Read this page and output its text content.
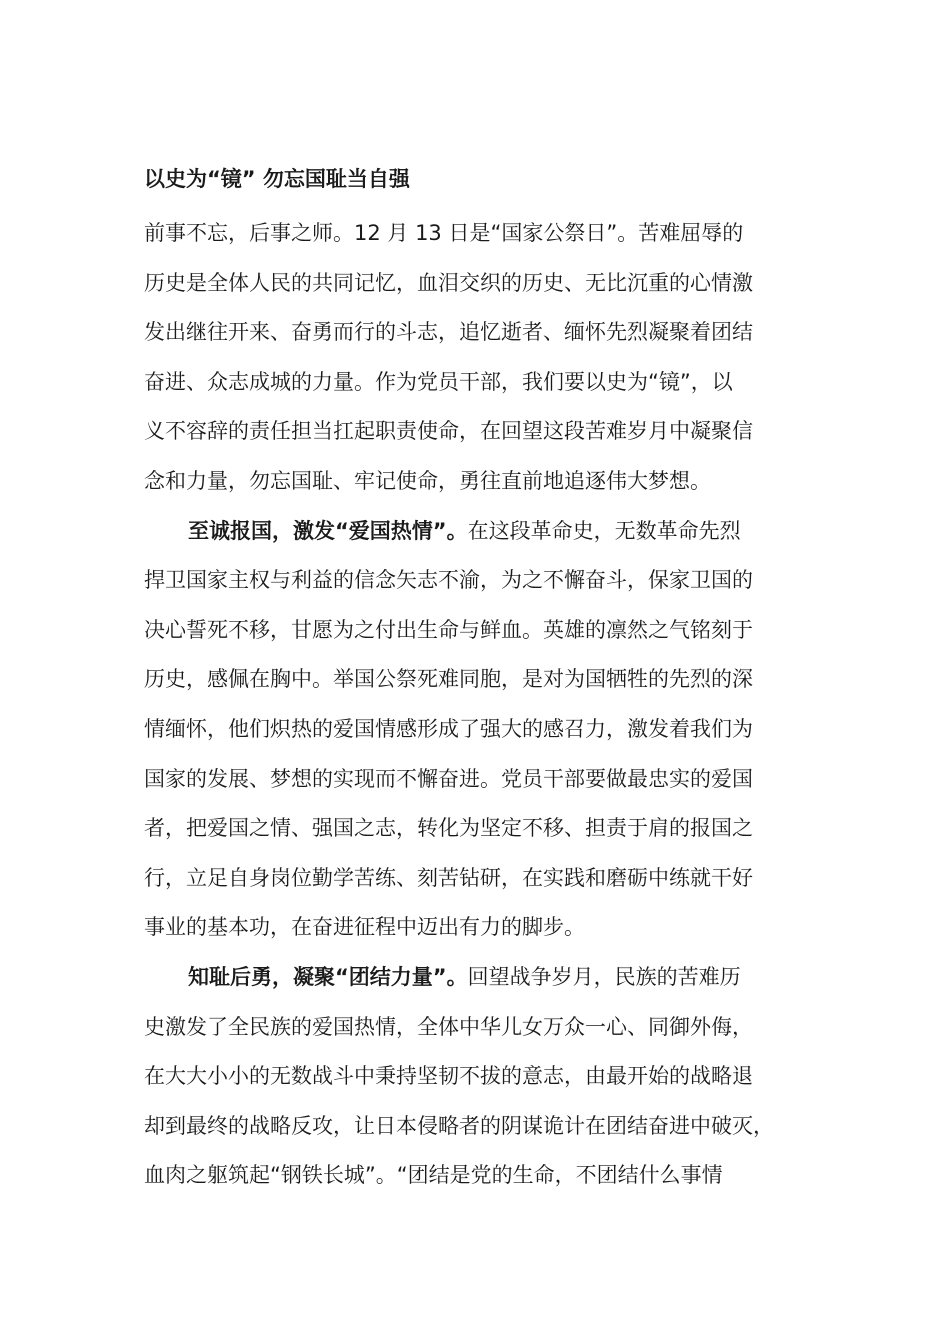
以史为“镜” 勿忘国耻当自强
前事不忘，后事之师。12 月 13 日是“国家公祭日”。苦难屈辱的
历史是全体人民的共同记忆，血泪交织的历史、无比沉重的心情激
发出继往开来、奋勇而行的斗志，追忆逝者、缅怀先烈凝聚着团结
奋进、众志成城的力量。作为党员干部，我们要以史为“镜”，以
义不容辞的责任担当扛起职责使命，在回望这段苦难岁月中凝聚信
念和力量，勿忘国耻、牢记使命，勇往直前地追逐伟大梦想。
至诚报国，激发“爱国热情”。在这段革命史，无数革命先烈
捍卫国家主权与利益的信念矢志不渝，为之不懈奋斗，保家卫国的
决心誓死不移，甘愿为之付出生命与鲜血。英雄的凛然之气铭刻于
历史，感佩在胸中。举国公祭死难同胞，是对为国牺牲的先烈的深
情缅怀，他们炽热的爱国情感形成了强大的感召力，激发着我们为
国家的发展、梦想的实现而不懈奋进。党员干部要做最忠实的爱国
者，把爱国之情、强国之志，转化为坚定不移、担责于肩的报国之
行，立足自身岗位勤学苦练、刻苦钻研，在实践和磨砺中练就干好
事业的基本功，在奋进征程中迈出有力的脚步。
知耻后勇，凝聚“团结力量”。回望战争岁月，民族的苦难历
史激发了全民族的爱国热情，全体中华儿女万众一心、同御外侮，
在大大小小的无数战斗中秉持坚韧不拔的意志，由最开始的战略退
却到最终的战略反攻，让日本侵略者的阴谋诡计在团结奋进中破灭，
血肉之躯筑起“钢铁长城”。“团结是党的生命，不团结什么事情
